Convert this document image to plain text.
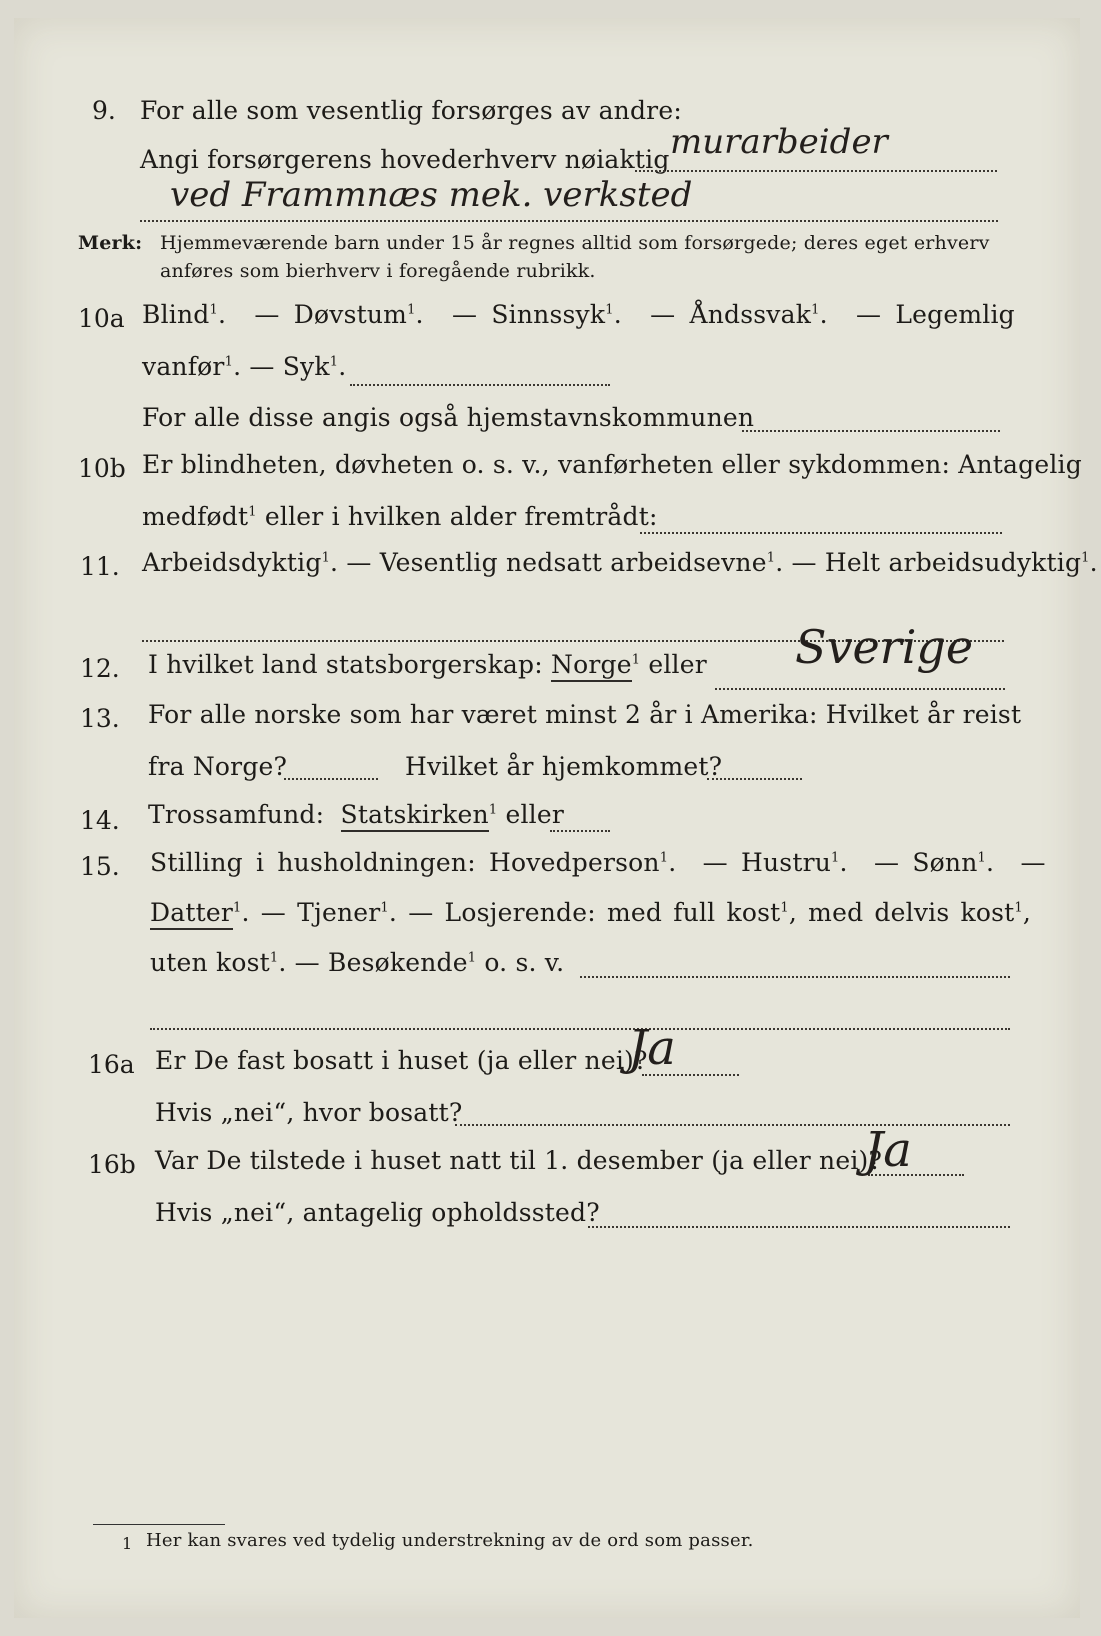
9. For alle som vesentlig forsørges av andre:
Angi forsørgerens hovederhverv nøiaktig murarbeider
ved Frammnæs mek. verksted
Merk: Hjemmeværende barn under 15 år regnes alltid som forsørgede; deres eget erhverv
anføres som bierhverv i foregående rubrikk.
10a Blind$^1$.  — Døvstum$^1$.  — Sinnssyk$^1$.  — Åndssvak$^1$.  — Legemlig
vanfør$^1$. — Syk$^1$.
For alle disse angis også hjemstavnskommunen
10b Er blindheten, døvheten o. s. v., vanførheten eller sykdommen: Antagelig
medfødt$^1$ eller i hvilken alder fremtrådt:
11. Arbeidsdyktig$^1$. — Vesentlig nedsatt arbeidsevne$^1$. — Helt arbeidsudyktig$^1$.
12. I hvilket land statsborgerskap: Norge$^1$ eller Sverige
13. For alle norske som har været minst 2 år i Amerika: Hvilket år reist
fra Norge?	Hvilket år hjemkommet?
14. Trossamfund: Statskirken$^1$ eller
15. Stilling i husholdningen: Hovedperson$^1$.  — Hustru$^1$.  — Sønn$^1$.  —
Datter$^1$. — Tjener$^1$. — Losjerende: med full kost$^1$, med delvis kost$^1$,
uten kost$^1$. — Besøkende$^1$ o. s. v.
16a Er De fast bosatt i huset (ja eller nei)?
Ja
Hvis „nei“, hvor bosatt?
16b Var De tilstede i huset natt til 1. desember (ja eller nei)?
Ja
Hvis „nei“, antagelig opholdssted?
1 Her kan svares ved tydelig understrekning av de ord som passer.
